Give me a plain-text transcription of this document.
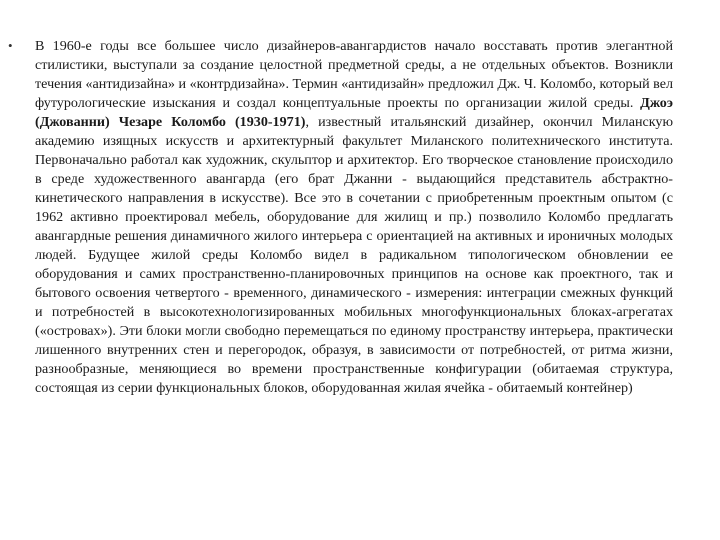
• В 1960-е годы все большее число дизайнеров-авангардистов начало восставать против элегантной стилистики, выступали за создание целостной предметной среды, а не отдельных объектов. Возникли течения «антидизайна» и «контрдизайна». Термин «антидизайн» предложил Дж. Ч. Коломбо, который вел футурологические изыскания и создал концептуальные проекты по организации жилой среды. Джоэ (Джованни) Чезаре Коломбо (1930-1971), известный итальянский дизайнер, окончил Миланскую академию изящных искусств и архитектурный факультет Миланского политехнического института. Первоначально работал как художник, скульптор и архитектор. Его творческое становление происходило в среде художественного авангарда (его брат Джанни - выдающийся представитель абстрактно-кинетического направления в искусстве). Все это в сочетании с приобретенным проектным опытом (с 1962 активно проектировал мебель, оборудование для жилищ и пр.) позволило Коломбо предлагать авангардные решения динамичного жилого интерьера с ориентацией на активных и ироничных молодых людей. Будущее жилой среды Коломбо видел в радикальном типологическом обновлении ее оборудования и самих пространственно-планировочных принципов на основе как проектного, так и бытового освоения четвертого - временного, динамического - измерения: интеграции смежных функций и потребностей в высокотехнологизированных мобильных многофункциональных блоках-агрегатах («островах»). Эти блоки могли свободно перемещаться по единому пространству интерьера, практически лишенного внутренних стен и перегородок, образуя, в зависимости от потребностей, от ритма жизни, разнообразные, меняющиеся во времени пространственные конфигурации (обитаемая структура, состоящая из серии функциональных блоков, оборудованная жилая ячейка - обитаемый контейнер)
